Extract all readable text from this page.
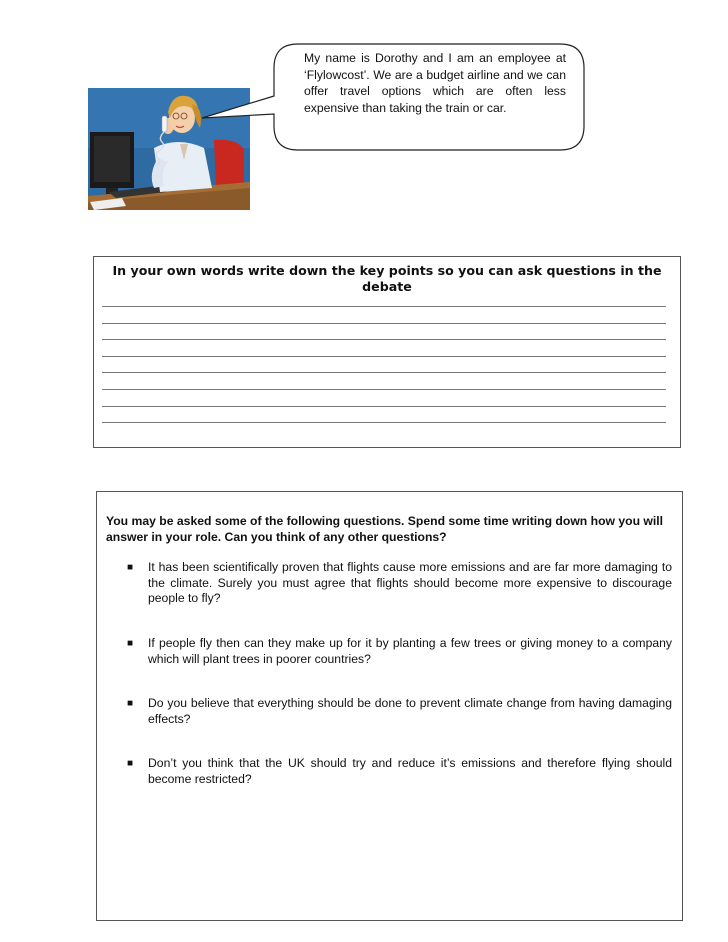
My name is Dorothy and I am an employee at ‘Flylowcost’. We are a budget airline and we can offer travel options which are often less expensive than taking the train or car.
In your own words write down the key points so you can ask questions in the debate
You may be asked some of the following questions. Spend some time writing down how you will answer in your role. Can you think of any other questions?
■ It has been scientifically proven that flights cause more emissions and are far more damaging to the climate. Surely you must agree that flights should become more expensive to discourage people to fly?
■ If people fly then can they make up for it by planting a few trees or giving money to a company which will plant trees in poorer countries?
■ Do you believe that everything should be done to prevent climate change from having damaging effects?
■ Don’t you think that the UK should try and reduce it’s emissions and therefore flying should become restricted?
